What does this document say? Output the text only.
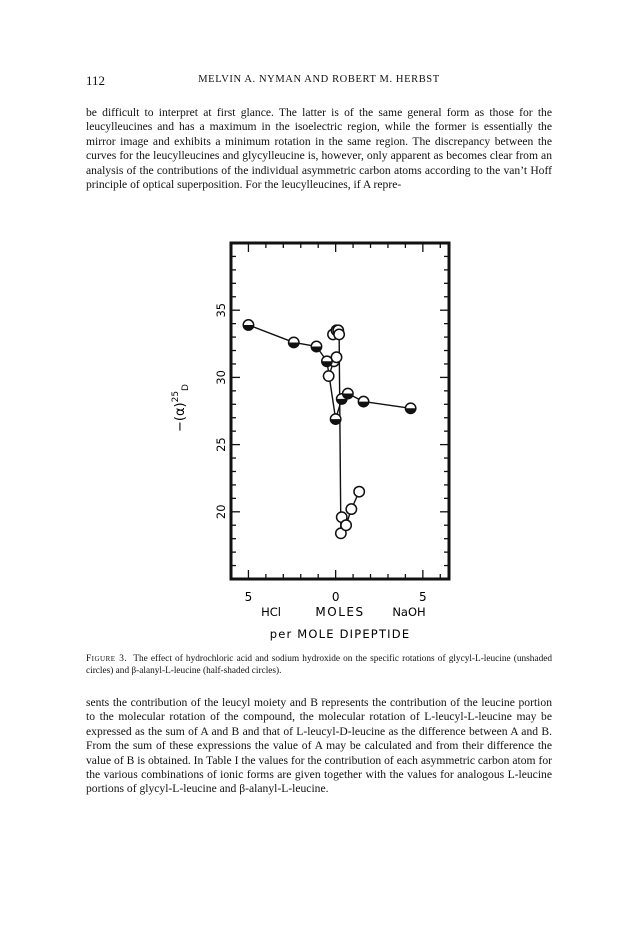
112	MELVIN A. NYMAN AND ROBERT M. HERBST

be difficult to interpret at first glance. The latter is of the same general form as those for the leucylleucines and has a maximum in the isoelectric region, while the former is essentially the mirror image and exhibits a minimum rotation in the same region. The discrepancy between the curves for the leucylleucines and glycylleucine is, however, only apparent as becomes clear from an analysis of the contributions of the individual asymmetric carbon atoms according to the van’t Hoff principle of optical superposition. For the leucylleucines, if A repre-

20
25
30
35
5	0	5
$-(\alpha)^{25}_D$
HCl	MOLES NaOH
per MOLE DIPEPTIDE

Figure 3. The effect of hydrochloric acid and sodium hydroxide on the specific rotations of glycyl-L-leucine (unshaded circles) and β-alanyl-L-leucine (half-shaded circles).

sents the contribution of the leucyl moiety and B represents the contribution of the leucine portion to the molecular rotation of the compound, the molecular rotation of L-leucyl-L-leucine may be expressed as the sum of A and B and that of L-leucyl-D-leucine as the difference between A and B. From the sum of these expressions the value of A may be calculated and from their difference the value of B is obtained. In Table I the values for the contribution of each asymmetric carbon atom for the various combinations of ionic forms are given together with the values for analogous L-leucine portions of glycyl-L-leucine and β-alanyl-L-leucine.
